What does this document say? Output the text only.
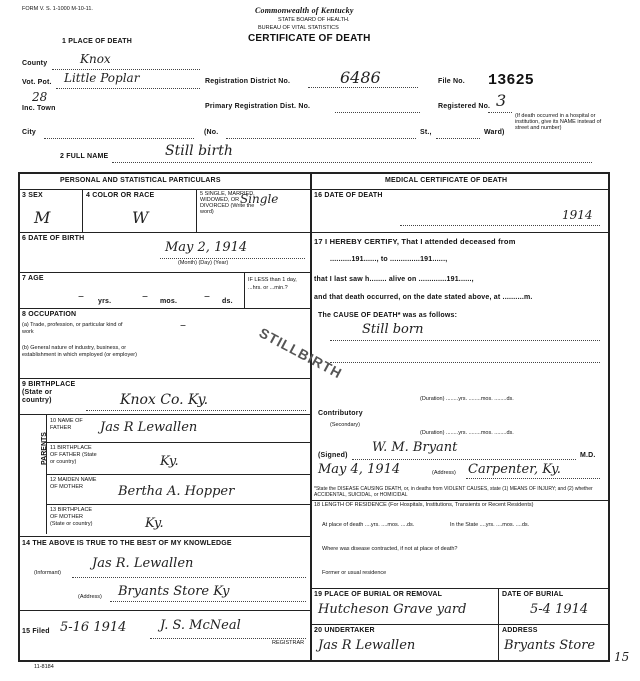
FORM V. S. 1-1000 M-10-11.	Commonwealth of Kentucky
STATE BOARD OF HEALTH.
BUREAU OF VITAL STATISTICS
CERTIFICATE OF DEATH
1 PLACE OF DEATH
County	Knox
Vot. Pot. Little Poplar
28
Inc. Town
City	(No.	St.,	Ward)
(If death occurred in a hospital or institution, give its NAME instead of street and number)
Registration District No.	6486	File No. 13625
Primary Registration Dist. No.	Registered No. 3
2 FULL NAME	Still birth
PERSONAL AND STATISTICAL PARTICULARS
3 SEX
M
4 COLOR OR RACE
W
5 SINGLE, MARRIED, WIDOWED, OR DIVORCED (Write the word)
Single
6 DATE OF BIRTH
May 2, 1914
(Month) (Day) (Year)
7 AGE
yrs.	mos.	ds.
–	–	–
IF LESS than 1 day, ...hrs. or ...min.?
8 OCCUPATION
(a) Trade, profession, or particular kind of work
(b) General nature of industry, business, or establishment in which employed (or employer)
–	STILLBIRTH
9 BIRTHPLACE (State or country)	Knox Co. Ky.
PARENTS
10 NAME OF FATHER	Jas R Lewallen
11 BIRTHPLACE OF FATHER (State or country)	Ky.
12 MAIDEN NAME OF MOTHER	Bertha A. Hopper
13 BIRTHPLACE OF MOTHER (State or country)	Ky.
14 THE ABOVE IS TRUE TO THE BEST OF MY KNOWLEDGE
(Informant)
Jas R. Lewallen
(Address) Bryants Store Ky
15 Filed 5-16 1914	J. S. McNeal
REGISTRAR
11-8184
MEDICAL CERTIFICATE OF DEATH
16 DATE OF DEATH
1914
17 I HEREBY CERTIFY, That I attended deceased from
..........191......, to ..............191......,
that I last saw h........ alive on .............191......,
and that death occurred, on the date stated above, at ..........m.
The CAUSE OF DEATH* was as follows:
Still born
(Duration) ........yrs. ........mos. ........ds.
Contributory
(Secondary)
(Duration) ........yrs. ........mos. ........ds.
(Signed)
W. M. Bryant
M.D.
May 4, 1914	(Address) Carpenter, Ky.
*State the DISEASE CAUSING DEATH, or, in deaths from VIOLENT CAUSES, state (1) MEANS OF INJURY; and (2) whether ACCIDENTAL, SUICIDAL, or HOMICIDAL
18 LENGTH OF RESIDENCE (For Hospitals, Institutions, Transients or Recent Residents)
At place of death ....yrs. ....mos. ....ds.	In the State ....yrs. ....mos. ....ds.
Where was disease contracted, if not at place of death?
Former or usual residence
19 PLACE OF BURIAL OR REMOVAL
Hutcheson Grave yard
DATE OF BURIAL
5-4 1914
20 UNDERTAKER
Jas R Lewallen
ADDRESS
Bryants Store
15
